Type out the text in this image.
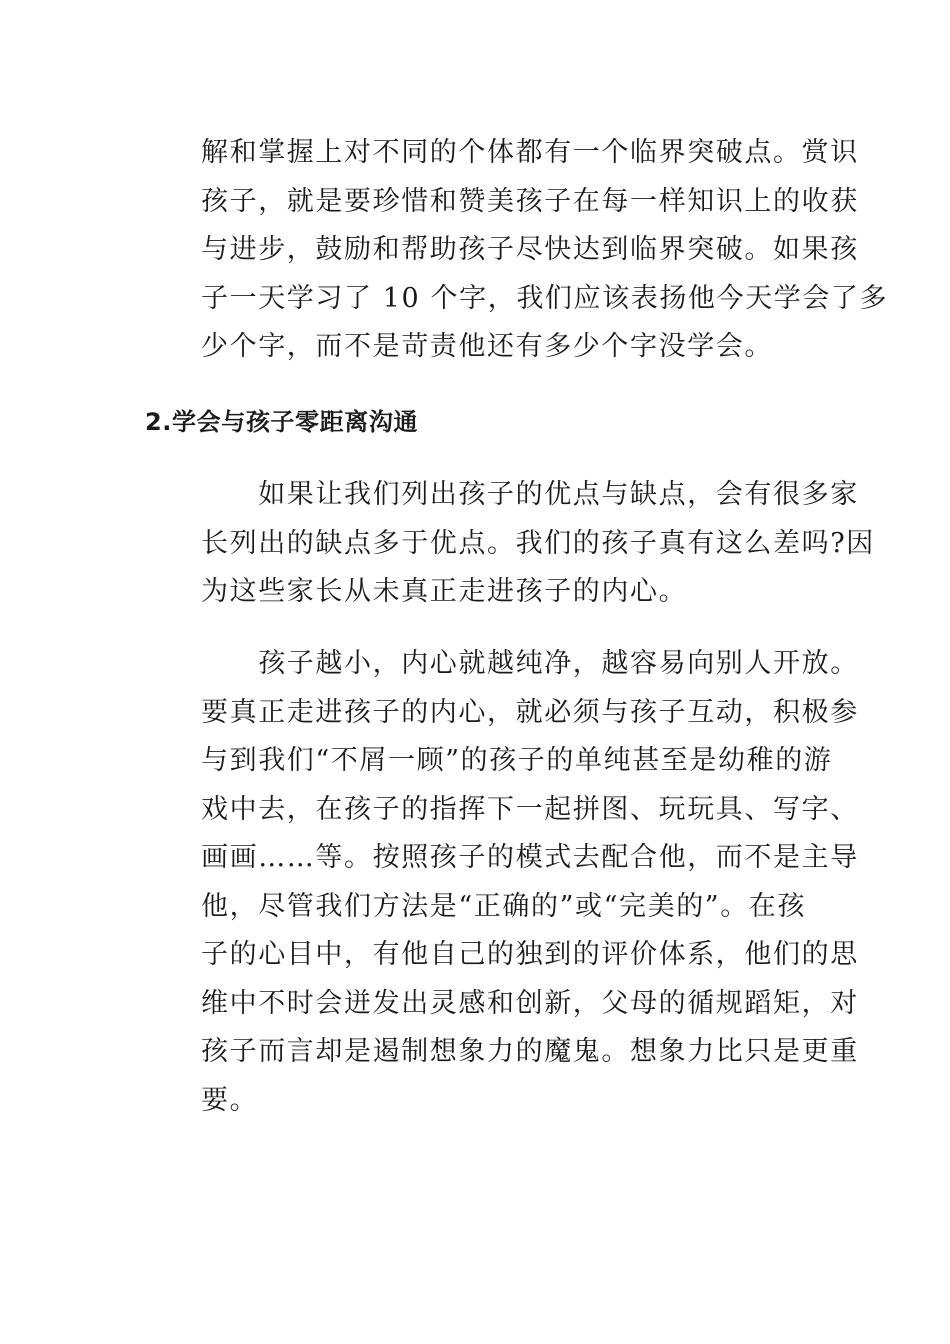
解和掌握上对不同的个体都有一个临界突破点。赏识
孩子，就是要珍惜和赞美孩子在每一样知识上的收获
与进步，鼓励和帮助孩子尽快达到临界突破。如果孩
子一天学习了 10 个字，我们应该表扬他今天学会了多
少个字，而不是苛责他还有多少个字没学会。
2.学会与孩子零距离沟通
　　如果让我们列出孩子的优点与缺点，会有很多家
长列出的缺点多于优点。我们的孩子真有这么差吗?因
为这些家长从未真正走进孩子的内心。
　　孩子越小，内心就越纯净，越容易向别人开放。
要真正走进孩子的内心，就必须与孩子互动，积极参
与到我们“不屑一顾”的孩子的单纯甚至是幼稚的游
戏中去，在孩子的指挥下一起拼图、玩玩具、写字、
画画……等。按照孩子的模式去配合他，而不是主导
他，尽管我们方法是“正确的”或“完美的”。在孩
子的心目中，有他自己的独到的评价体系，他们的思
维中不时会迸发出灵感和创新，父母的循规蹈矩，对
孩子而言却是遏制想象力的魔鬼。想象力比只是更重
要。
